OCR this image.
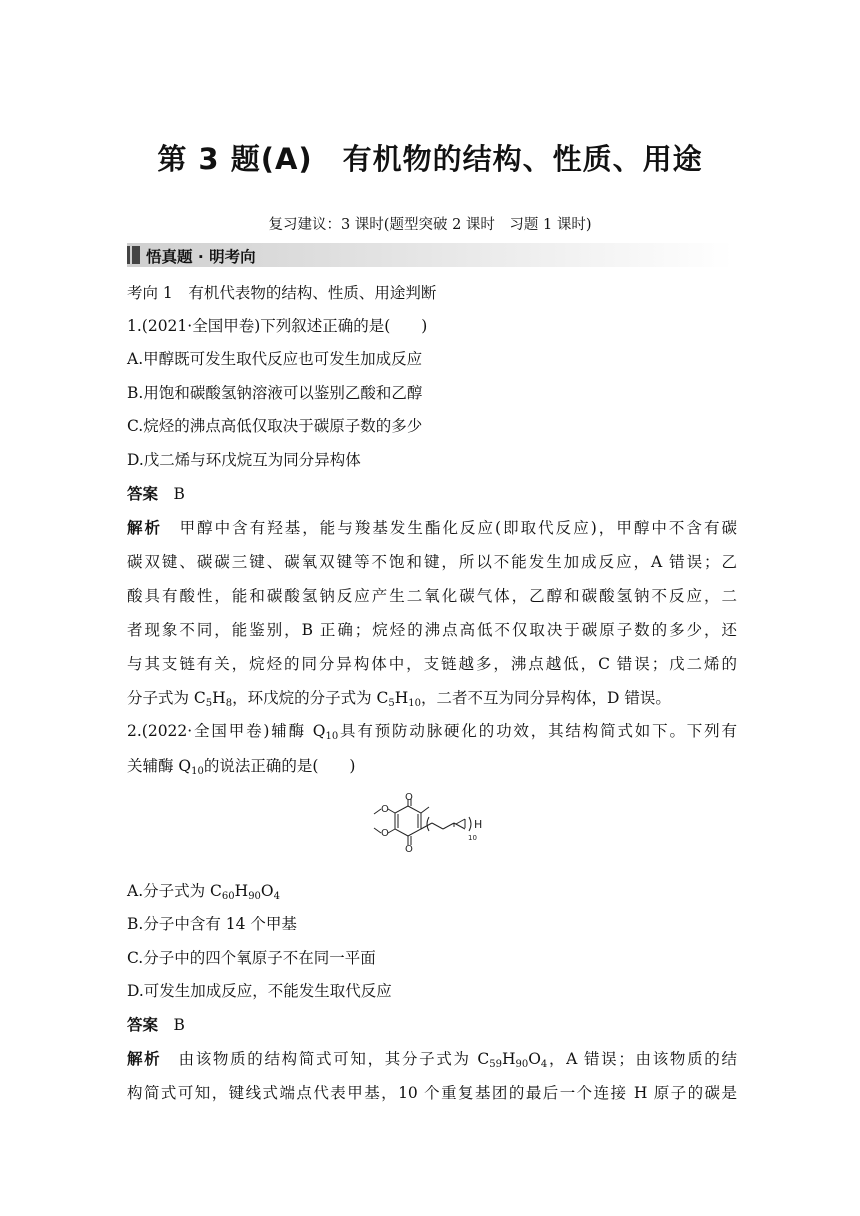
第 3 题(A)　有机物的结构、性质、用途
复习建议：3 课时(题型突破 2 课时　习题 1 课时)
悟真题 · 明考向
考向 1　 有机代表物的结构、性质、用途判断
1.(2021·全国甲卷)下列叙述正确的是(　　)
A.甲醇既可发生取代反应也可发生加成反应
B.用饱和碳酸氢钠溶液可以鉴别乙酸和乙醇
C.烷烃的沸点高低仅取决于碳原子数的多少
D.戊二烯与环戊烷互为同分异构体
答案　 B
解析　 甲醇中含有羟基，能与羧基发生酯化反应(即取代反应)，甲醇中不含有碳
碳双键、碳碳三键、碳氧双键等不饱和键，所以不能发生加成反应，A 错误；乙
酸具有酸性，能和碳酸氢钠反应产生二氧化碳气体，乙醇和碳酸氢钠不反应，二
者现象不同，能鉴别，B 正确；烷烃的沸点高低不仅取决于碳原子数的多少，还
与其支链有关，烷烃的同分异构体中，支链越多，沸点越低，C 错误；戊二烯的
分子式为 $C_5H_8$，环戊烷的分子式为 $C_5H_{10}$，二者不互为同分异构体，D 错误。
2.(2022·全国甲卷)辅酶 $Q_{10}$具有预防动脉硬化的功效，其结构简式如下。下列有
关辅酶 $Q_{10}$的说法正确的是(　　)
O
O
O
O
H
10
A.分子式为 $C_{60}H_{90}O_4$
B.分子中含有 14 个甲基
C.分子中的四个氧原子不在同一平面
D.可发生加成反应，不能发生取代反应
答案　 B
解析　 由该物质的结构简式可知，其分子式为 $C_{59}H_{90}O_4$，A 错误；由该物质的结
构简式可知，键线式端点代表甲基，10 个重复基团的最后一个连接 H 原子的碳是
